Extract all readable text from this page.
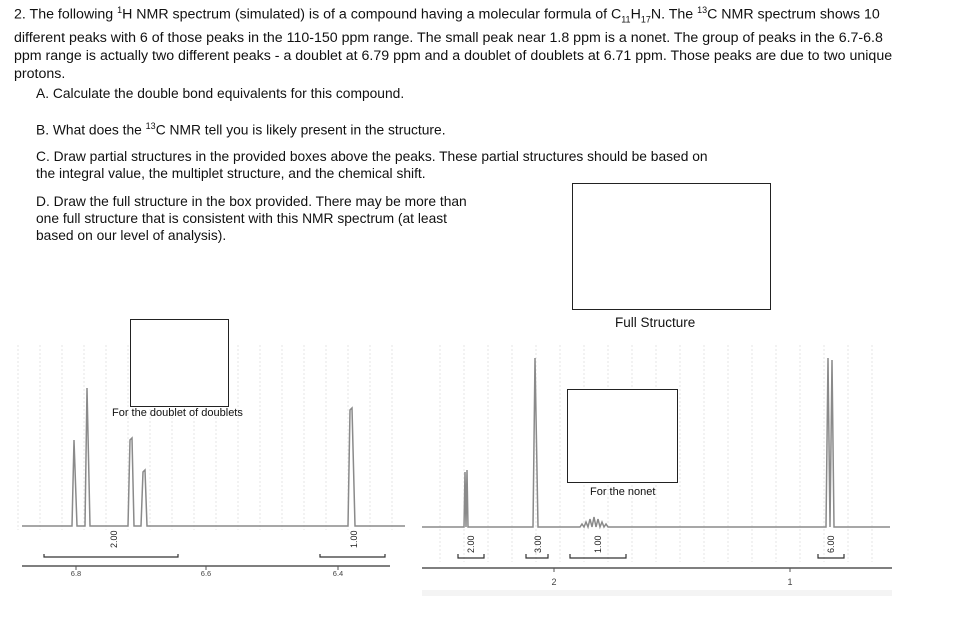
2. The following $^1$H NMR spectrum (simulated) is of a compound having a molecular formula of $C_{11}H_{17}N$. The $^{13}$C NMR spectrum shows 10 different peaks with 6 of those peaks in the 110-150 ppm range. The small peak near 1.8 ppm is a nonet. The group of peaks in the 6.7-6.8 ppm range is actually two different peaks - a doublet at 6.79 ppm and a doublet of doublets at 6.71 ppm. Those peaks are due to two unique protons.
A. Calculate the double bond equivalents for this compound.
B. What does the $^{13}$C NMR tell you is likely present in the structure.
C. Draw partial structures in the provided boxes above the peaks. These partial structures should be based on
the integral value, the multiplet structure, and the chemical shift.
D. Draw the full structure in the box provided. There may be more than
one full structure that is consistent with this NMR spectrum (at least
based on our level of analysis).
Full Structure
6.8	6.6	6.4
2.00	1.00
For the doublet of doublets
2	1
2.00	3.00	1.00	6.00
For the nonet
